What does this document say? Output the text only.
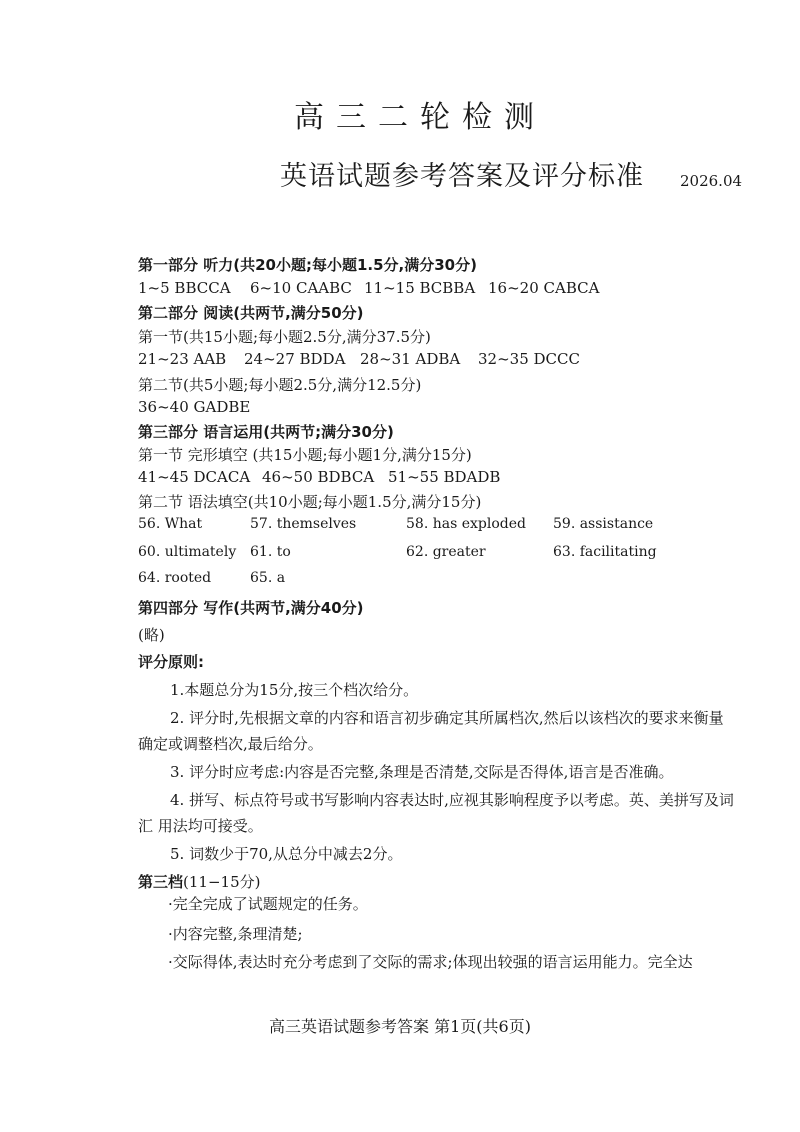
高三二轮检测
英语试题参考答案及评分标准 2026.04
第一部分 听力(共20小题;每小题1.5分,满分30分)
1~5 BBCCA 6~10 CAABC 11~15 BCBBA 16~20 CABCA
第二部分 阅读(共两节,满分50分)
第一节(共15小题;每小题2.5分,满分37.5分)
21~23 AAB 24~27 BDDA 28~31 ADBA 32~35 DCCC
第二节(共5小题;每小题2.5分,满分12.5分)
36~40 GADBE
第三部分 语言运用(共两节;满分30分)
第一节 完形填空 (共15小题;每小题1分,满分15分)
41~45 DCACA 46~50 BDBCA 51~55 BDADB
第二节 语法填空(共10小题;每小题1.5分,满分15分)
56. What	57. themselves	58. has exploded 59. assistance
60. ultimately 61. to	62. greater	63. facilitating
64. rooted	65. a
第四部分 写作(共两节,满分40分)
(略)
评分原则:
1.本题总分为15分,按三个档次给分。
2. 评分时,先根据文章的内容和语言初步确定其所属档次,然后以该档次的要求来衡量 确定或调整档次,最后给分。
3. 评分时应考虑:内容是否完整,条理是否清楚,交际是否得体,语言是否准确。
4. 拼写、标点符号或书写影响内容表达时,应视其影响程度予以考虑。英、美拼写及词汇 用法均可接受。
5. 词数少于70,从总分中减去2分。
第三档(11−15分)
·完全完成了试题规定的任务。
·内容完整,条理清楚;
·交际得体,表达时充分考虑到了交际的需求;体现出较强的语言运用能力。完全达
高三英语试题参考答案 第1页(共6页)
